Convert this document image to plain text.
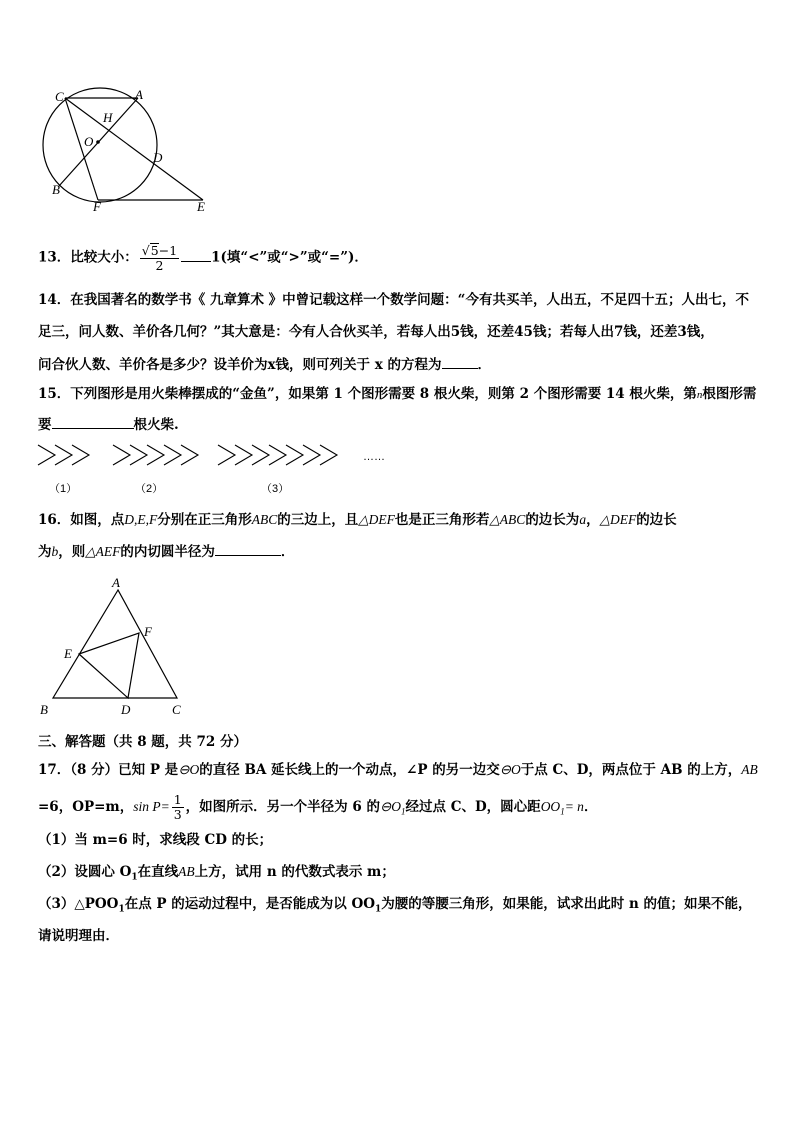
C	A
H
O
D
B
F	E
13．比较大小： $\frac{√5-1}{2} 1$(填“<”或“>”或“=”)．
14．在我国著名的数学书《 九章算术 》中曾记载这样一个数学问题：“今有共买羊，人出五，不足四十五；人出七，不
足三，问人数、羊价各几何？”其大意是：今有人合伙买羊，若每人出5钱，还差45钱；若每人出7钱，还差3钱，
问合伙人数、羊价各是多少？设羊价为x钱，则可列关于 x 的方程为	．
15．下列图形是用火柴棒摆成的“金鱼”，如果第 1 个图形需要 8 根火柴，则第 2 个图形需要 14 根火柴，第n根图形需
要	根火柴.
（1）	（2）	（3）
……
16．如图，点D,E,F分别在正三角形ABC的三边上，且△DEF也是正三角形若△ABC的边长为a，△DEF的边长
为b，则△AEF的内切圆半径为	．
A
F
E
B	D	C
三、解答题（共 8 题，共 72 分）
17．（8 分）已知 P 是⊖O的直径 BA 延长线上的一个动点，∠P 的另一边交⊖O于点 C、D，两点位于 AB 的上方，AB
=6，OP=m，$\sin P= \frac{1}{3}$ ，如图所示．另一个半径为 6 的$⊖O_1$经过点 C、D，圆心距$OO_1= n$．
（1）当 m=6 时，求线段 CD 的长；
（2）设圆心 $O_1$在直线AB上方，试用 n 的代数式表示 m；
$(3)\triangle POO_1$在点 P 的运动过程中，是否能成为以 $OO_1$为腰的等腰三角形，如果能，试求出此时 n 的值；如果不能，
请说明理由．
